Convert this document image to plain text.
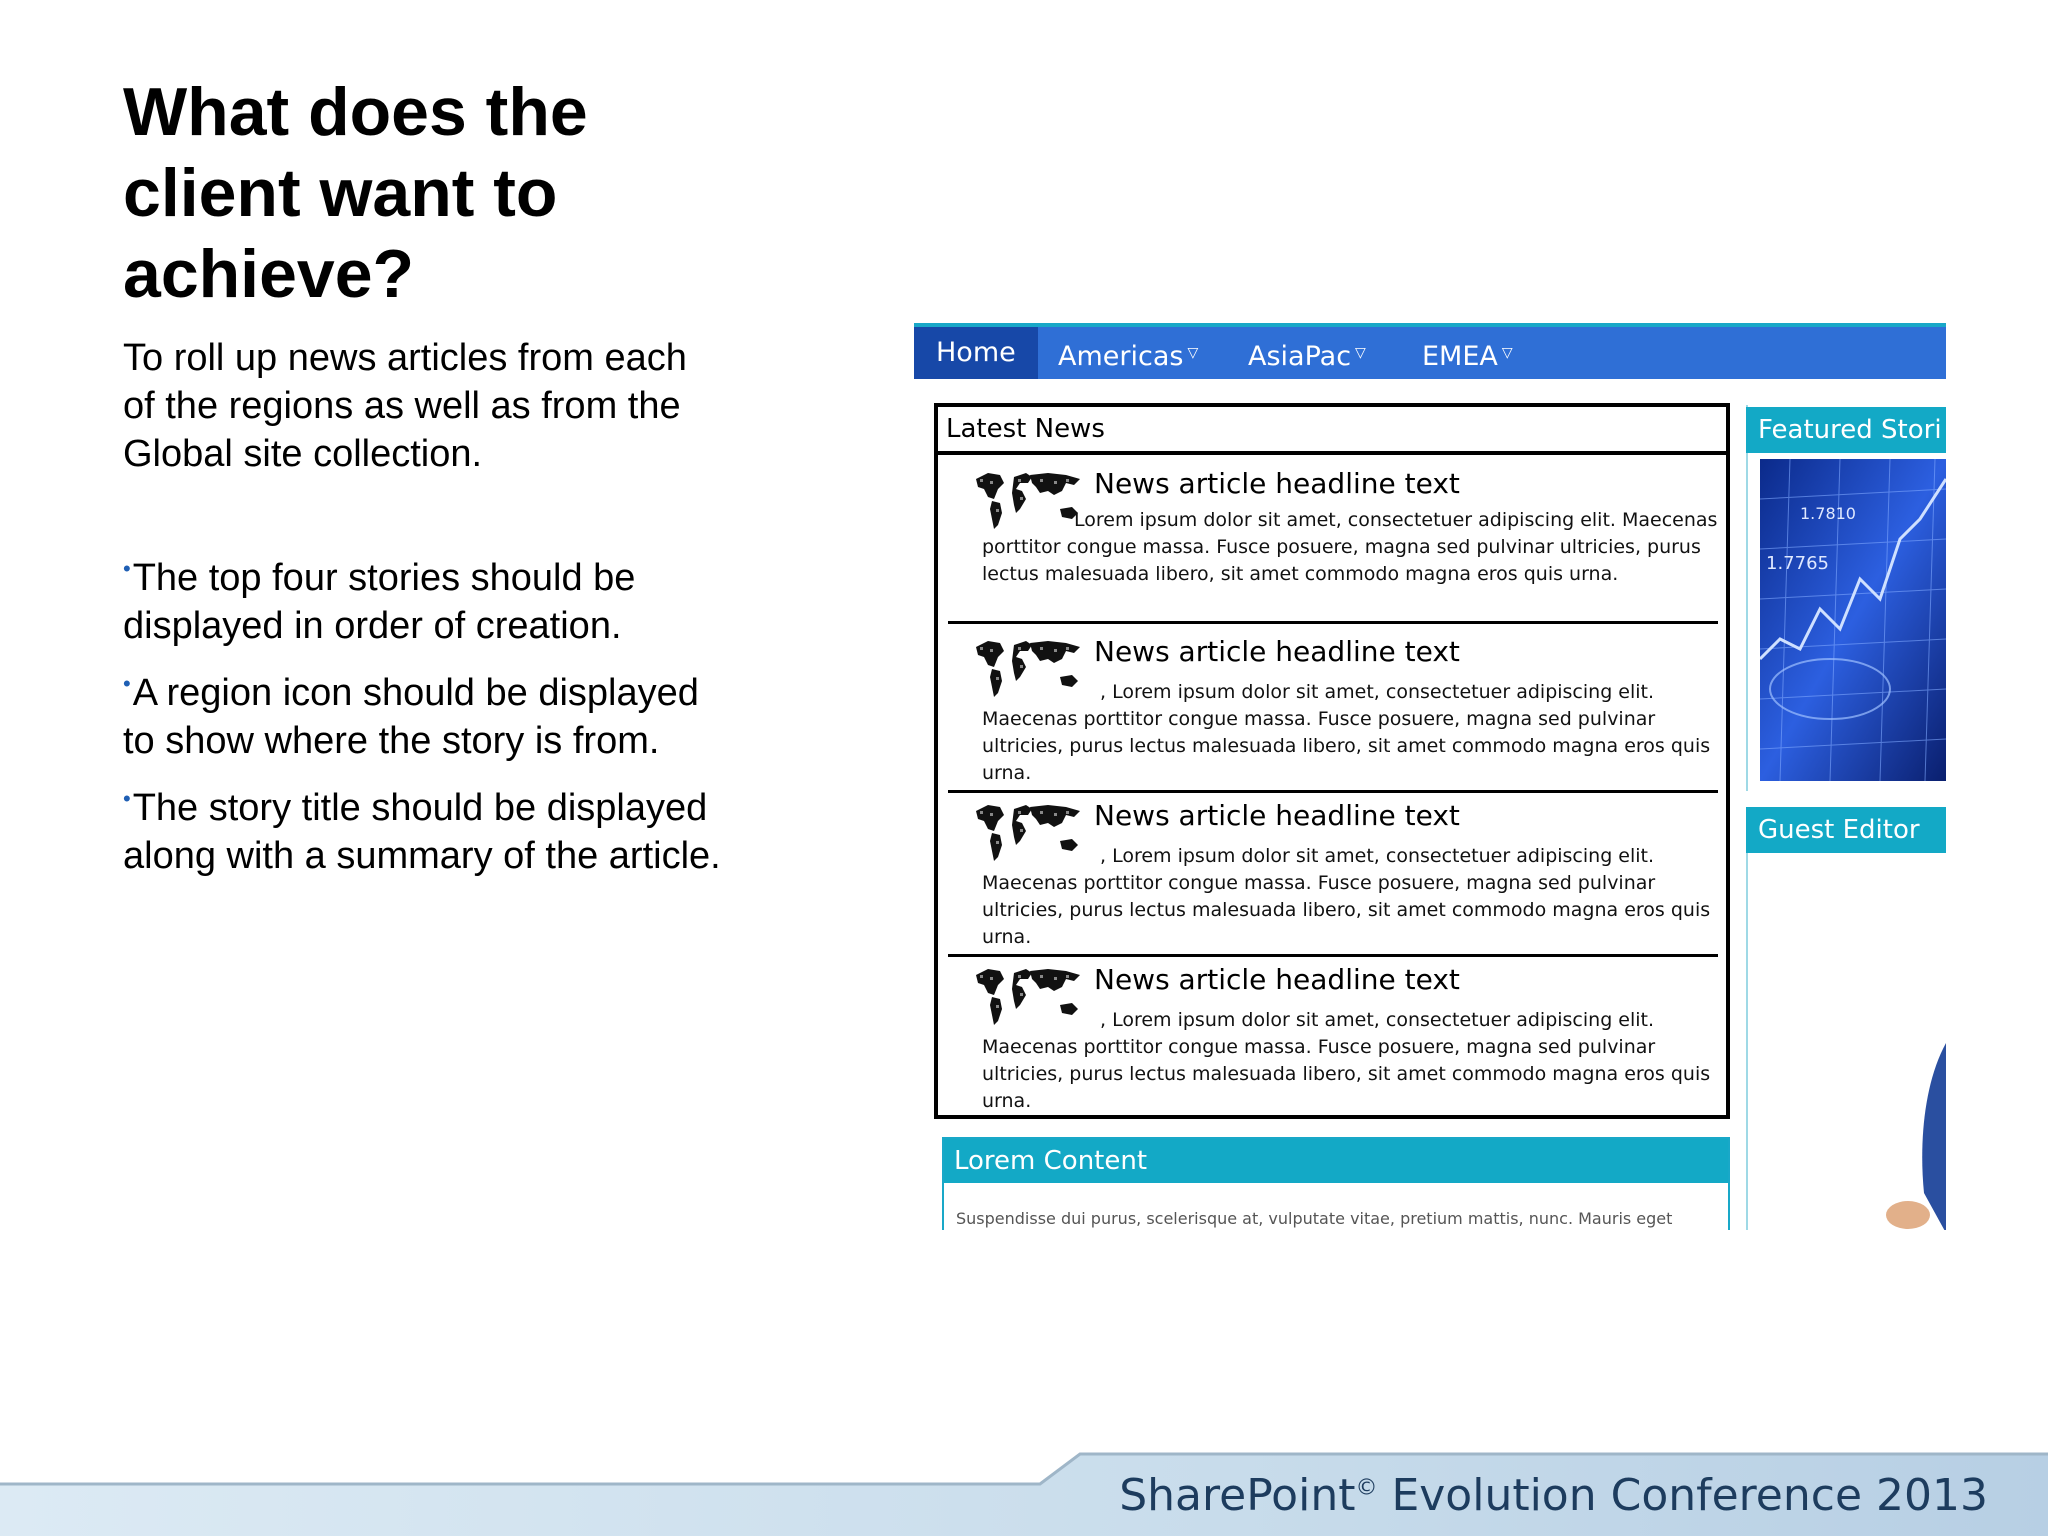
What does the
client want to
achieve?
To roll up news articles from each
of the regions as well as from the
Global site collection.
•The top four stories should be
displayed in order of creation.
•A region icon should be displayed
to show where the story is from.
•The story title should be displayed
along with a summary of the article.
Home	Americas ▽	AsiaPac ▽	EMEA ▽
Latest News
News article headline text
Lorem ipsum dolor sit amet, consectetuer adipiscing elit. Maecenas porttitor congue massa. Fusce posuere, magna sed pulvinar ultricies, purus lectus malesuada libero, sit amet commodo magna eros quis urna.
News article headline text
, Lorem ipsum dolor sit amet, consectetuer adipiscing elit. Maecenas porttitor congue massa. Fusce posuere, magna sed pulvinar ultricies, purus lectus malesuada libero, sit amet commodo magna eros quis urna.
News article headline text
, Lorem ipsum dolor sit amet, consectetuer adipiscing elit. Maecenas porttitor congue massa. Fusce posuere, magna sed pulvinar ultricies, purus lectus malesuada libero, sit amet commodo magna eros quis urna.
News article headline text
, Lorem ipsum dolor sit amet, consectetuer adipiscing elit. Maecenas porttitor congue massa. Fusce posuere, magna sed pulvinar ultricies, purus lectus malesuada libero, sit amet commodo magna eros quis urna.
Lorem Content
Suspendisse dui purus, scelerisque at, vulputate vitae, pretium mattis, nunc. Mauris eget
Featured Stori
1.7810
1.7765
Guest Editor
SharePoint© Evolution Conference 2013
